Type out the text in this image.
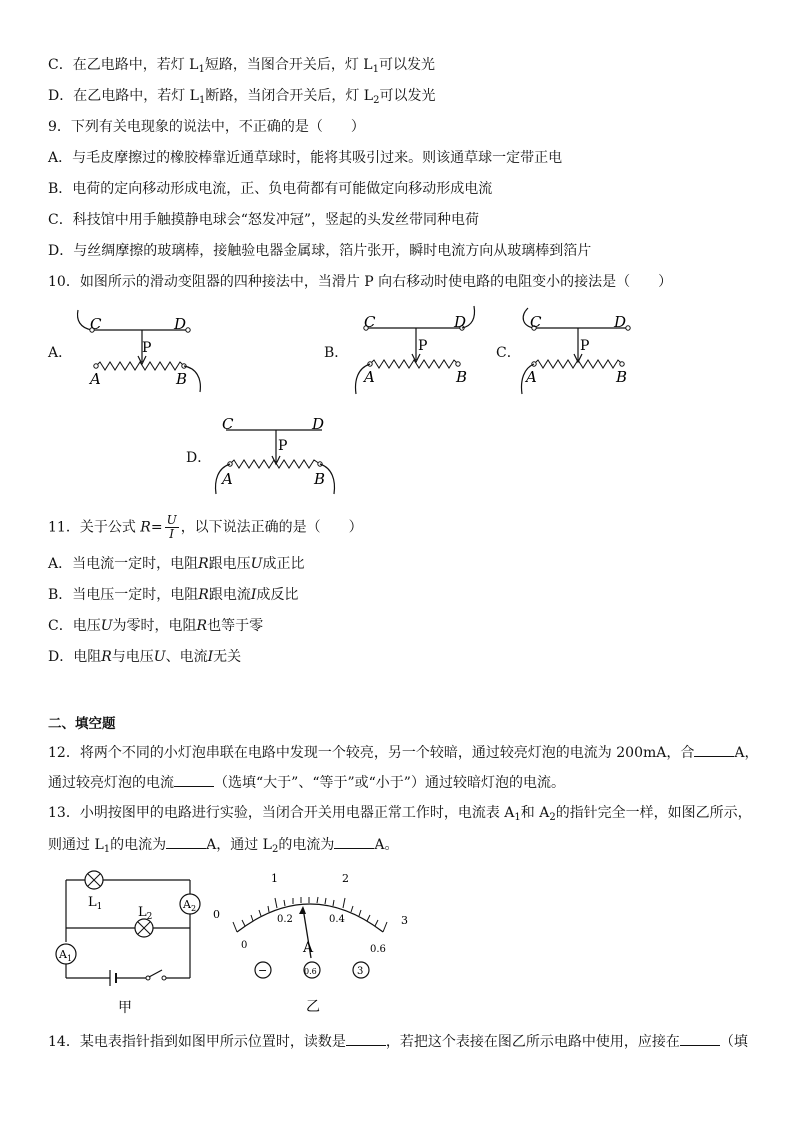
C．在乙电路中，若灯 $L_1$短路，当图合开关后，灯 $L_1$可以发光
D．在乙电路中，若灯 $L_1$断路，当闭合开关后，灯 $L_2$可以发光
9．下列有关电现象的说法中，不正确的是（　　）
A．与毛皮摩擦过的橡胶棒靠近通草球时，能将其吸引过来。则该通草球一定带正电
B．电荷的定向移动形成电流，正、负电荷都有可能做定向移动形成电流
C．科技馆中用手触摸静电球会“怒发冲冠”，竖起的头发丝带同种电荷
D．与丝绸摩擦的玻璃棒，接触验电器金属球，箔片张开，瞬时电流方向从玻璃棒到箔片
10．如图所示的滑动变阻器的四种接法中，当滑片 P 向右移动时使电路的电阻变小的接法是（　　）
A．	B．	C．
D．
C	D
P
A	B
C	D
P
A	B
C	D
P
A	B
C	D
P
A	B
11．关于公式 $R= \frac{U}{I}$ ，以下说法正确的是（　　）
A．当电流一定时，电阻R跟电压U成正比
B．当电压一定时，电阻R跟电流I成反比
C．电压U为零时，电阻R也等于零
D．电阻R与电压U、电流I无关
二、填空题
12．将两个不同的小灯泡串联在电路中发现一个较亮，另一个较暗，通过较亮灯泡的电流为 200mA，合	A，
通过较亮灯泡的电流	（选填“大于”、“等于”或“小于”）通过较暗灯泡的电流。
13．小明按图甲的电路进行实验，当闭合开关用电器正常工作时，电流表 $A_1$和 $A_2$的指针完全一样，如图乙所示，
则通过 $L_1$的电流为	A，通过 $L_2$的电流为	A。
$L_1$	A 2
$L_2$
A 1
甲
0
1	2
3
0
0.2	0.4
0.6
A
−	0.6	3
乙
14．某电表指针指到如图甲所示位置时，读数是	，若把这个表接在图乙所示电路中使用，应接在	（填
